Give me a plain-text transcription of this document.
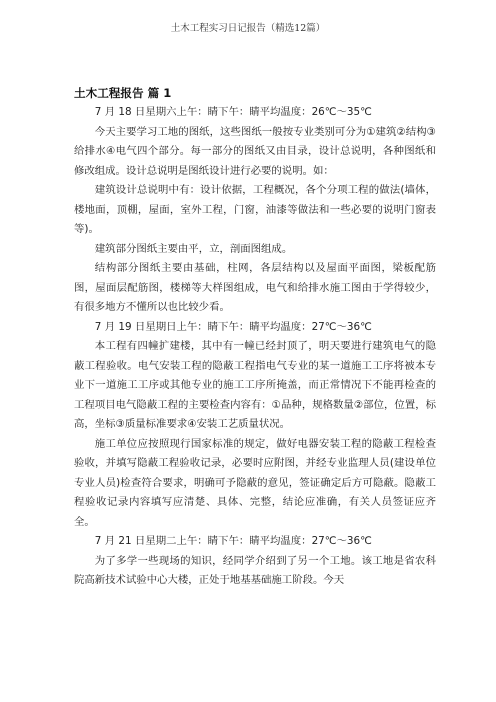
土木工程实习日记报告（精选12篇）
土木工程报告 篇 1

7 月 18 日星期六上午：睛下午：睛平均温度：26℃～35℃

今天主要学习工地的图纸，这些图纸一般按专业类别可分为①建筑②结构③给排水④电气四个部分。每一部分的图纸又由目录，设计总说明，各种图纸和修改组成。设计总说明是图纸设计进行必要的说明。如：

建筑设计总说明中有：设计依据，工程概况，各个分项工程的做法(墙体，楼地面，顶棚，屋面，室外工程，门窗，油漆等做法和一些必要的说明门窗表等)。

建筑部分图纸主要由平，立，剖面图组成。

结构部分图纸主要由基础，柱网，各层结构以及屋面平面图，梁板配筋图，屋面层配筋图，楼梯等大样图组成，电气和给排水施工图由于学得较少，有很多地方不懂所以也比较少看。

7 月 19 日星期日上午：睛下午：睛平均温度：27℃～36℃

本工程有四幢扩建楼，其中有一幢已经封顶了，明天要进行建筑电气的隐蔽工程验收。电气安装工程的隐蔽工程指电气专业的某一道施工工序将被本专业下一道施工工序或其他专业的施工工序所掩盖，而正常情况下不能再检查的工程项目电气隐蔽工程的主要检查内容有：①品种，规格数量②部位，位置，标高，坐标③质量标准要求④安装工艺质量状况。

施工单位应按照现行国家标准的规定，做好电器安装工程的隐蔽工程检查验收，并填写隐蔽工程验收记录，必要时应附图，并经专业监理人员(建设单位专业人员)检查符合要求，明确可予隐蔽的意见，签证确定后方可隐蔽。隐蔽工程验收记录内容填写应清楚、具体、完整，结论应准确，有关人员签证应齐全。

7 月 21 日星期二上午：睛下午：睛平均温度：27℃～36℃

为了多学一些现场的知识，经同学介绍到了另一个工地。该工地是省农科院高新技术试验中心大楼，正处于地基基础施工阶段。今天
